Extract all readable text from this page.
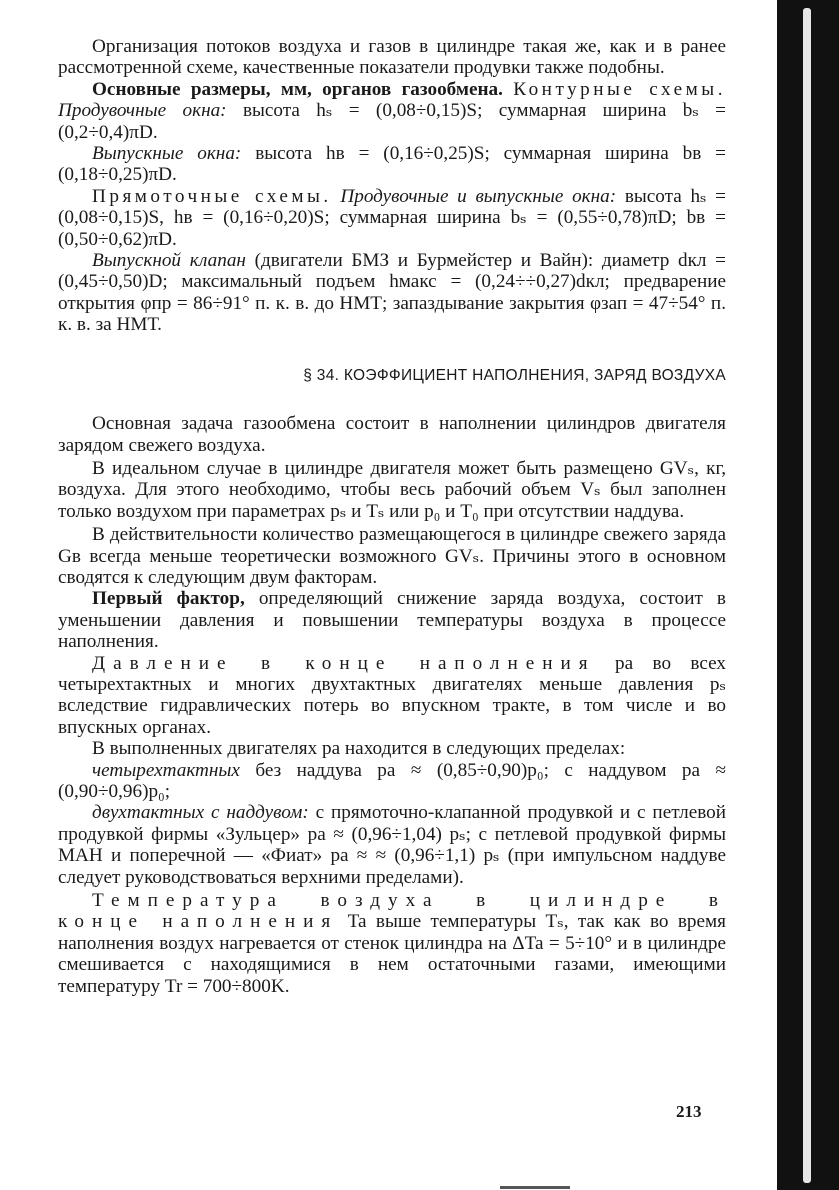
Организация потоков воздуха и газов в цилиндре такая же, как и в ранее рассмотренной схеме, качественные показатели продувки также подобны.

Основные размеры, мм, органов газообмена. Контурные схемы. Продувочные окна: высота hₛ = (0,08÷0,15)S; суммарная ширина bₛ = (0,2÷0,4)πD.

Выпускные окна: высота hв = (0,16÷0,25)S; суммарная ширина bв = (0,18÷0,25)πD.

Прямоточные схемы. Продувочные и выпускные окна: высота hₛ = (0,08÷0,15)S, hв = (0,16÷0,20)S; суммарная ширина bₛ = (0,55÷0,78)πD; bв = (0,50÷0,62)πD.

Выпускной клапан (двигатели БМЗ и Бурмейстер и Вайн): диаметр dкл = (0,45÷0,50)D; максимальный подъем hмакс = (0,24÷÷0,27)dкл; предварение открытия φпр = 86÷91° п. к. в. до НМТ; запаздывание закрытия φзап = 47÷54° п. к. в. за НМТ.

§ 34. КОЭФФИЦИЕНТ НАПОЛНЕНИЯ, ЗАРЯД ВОЗДУХА

Основная задача газообмена состоит в наполнении цилиндров двигателя зарядом свежего воздуха.

В идеальном случае в цилиндре двигателя может быть размещено GVₛ, кг, воздуха. Для этого необходимо, чтобы весь рабочий объем Vₛ был заполнен только воздухом при параметрах pₛ и Tₛ или p₀ и T₀ при отсутствии наддува.

В действительности количество размещающегося в цилиндре свежего заряда Gв всегда меньше теоретически возможного GVₛ. Причины этого в основном сводятся к следующим двум факторам.

Первый фактор, определяющий снижение заряда воздуха, состоит в уменьшении давления и повышении температуры воздуха в процессе наполнения.

Давление в конце наполнения pa во всех четырехтактных и многих двухтактных двигателях меньше давления pₛ вследствие гидравлических потерь во впускном тракте, в том числе и во впускных органах.

В выполненных двигателях pa находится в следующих пределах:

четырехтактных без наддува pa ≈ (0,85÷0,90)p₀; с наддувом pa ≈ (0,90÷0,96)p₀;

двухтактных с наддувом: с прямоточно-клапанной продувкой и с петлевой продувкой фирмы «Зульцер» pa ≈ (0,96÷1,04) pₛ; с петлевой продувкой фирмы МАН и поперечной — «Фиат» pa ≈ ≈ (0,96÷1,1) pₛ (при импульсном наддуве следует руководствоваться верхними пределами).

Температура воздуха в цилиндре в конце наполнения Ta выше температуры Tₛ, так как во время наполнения воздух нагревается от стенок цилиндра на ΔTa = 5÷10° и в цилиндре смешивается с находящимися в нем остаточными газами, имеющими температуру Tr = 700÷800K.

213
